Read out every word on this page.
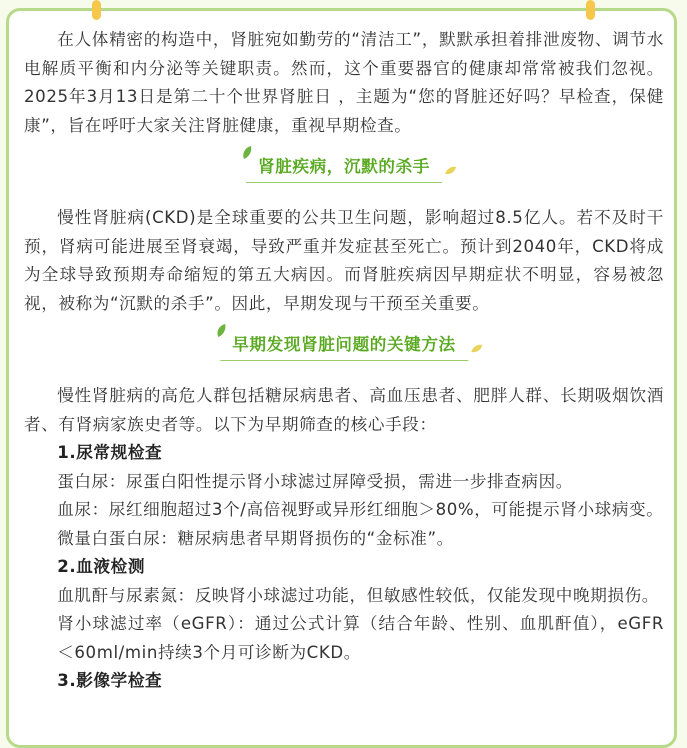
在人体精密的构造中，肾脏宛如勤劳的“清洁工”，默默承担着排泄废物、调节水电解质平衡和内分泌等关键职责。然而，这个重要器官的健康却常常被我们忽视。2025年3月13日是第二十个世界肾脏日 ，主题为“您的肾脏还好吗？早检查，保健康”，旨在呼吁大家关注肾脏健康，重视早期检查。

肾脏疾病，沉默的杀手

慢性肾脏病(CKD)是全球重要的公共卫生问题，影响超过8.5亿人。若不及时干预，肾病可能进展至肾衰竭，导致严重并发症甚至死亡。预计到2040年，CKD将成为全球导致预期寿命缩短的第五大病因。而肾脏疾病因早期症状不明显，容易被忽视，被称为“沉默的杀手”。因此，早期发现与干预至关重要。

早期发现肾脏问题的关键方法

慢性肾脏病的高危人群包括糖尿病患者、高血压患者、肥胖人群、长期吸烟饮酒者、有肾病家族史者等。以下为早期筛查的核心手段：

1.尿常规检查

蛋白尿：尿蛋白阳性提示肾小球滤过屏障受损，需进一步排查病因。

血尿：尿红细胞超过3个/高倍视野或异形红细胞＞80%，可能提示肾小球病变。

微量白蛋白尿：糖尿病患者早期肾损伤的“金标准”。

2.血液检测

血肌酐与尿素氮：反映肾小球滤过功能，但敏感性较低，仅能发现中晚期损伤。

肾小球滤过率（eGFR）：通过公式计算（结合年龄、性别、血肌酐值），eGFR＜60ml/min持续3个月可诊断为CKD。

3.影像学检查
